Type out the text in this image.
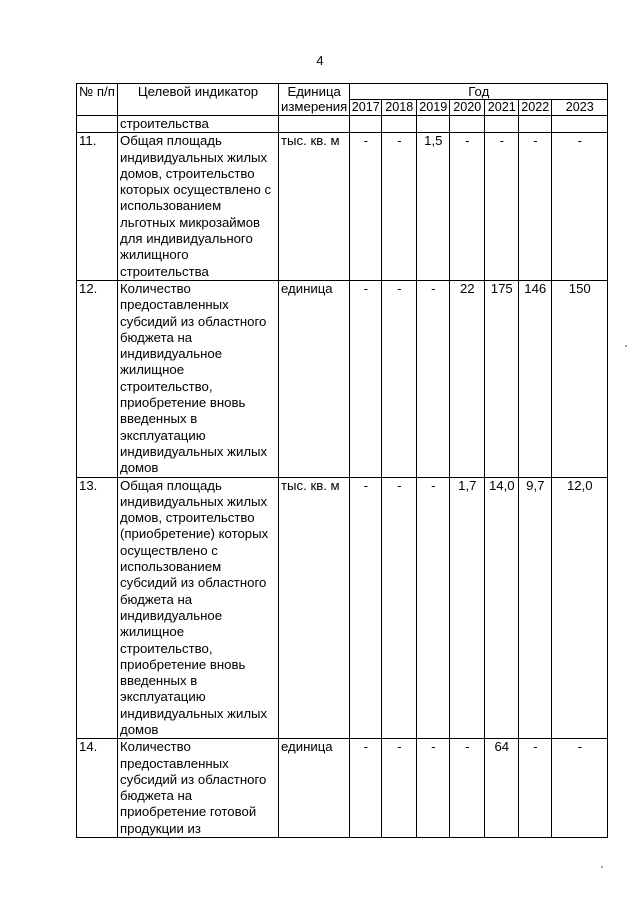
4
№ п/п	Целевой индикатор	Единица измерения	Год						
			2017	2018	2019	2020	2021	2022	2023
	строительства								
11.	Общая площадь индивидуальных жилых домов, строительство которых осуществлено с использованием льготных микрозаймов для индивидуального жилищного строительства	тыс. кв. м	-	-	1,5	-	-	-	-
12.	Количество предоставленных субсидий из областного бюджета на индивидуальное жилищное строительство, приобретение вновь введенных в эксплуатацию индивидуальных жилых домов	единица	-	-	-	22	175	146	150
13.	Общая площадь индивидуальных жилых домов, строительство (приобретение) которых осуществлено с использованием субсидий из областного бюджета на индивидуальное жилищное строительство, приобретение вновь введенных в эксплуатацию индивидуальных жилых домов	тыс. кв. м	-	-	-	1,7	14,0	9,7	12,0
14.	Количество предоставленных субсидий из областного бюджета на приобретение готовой продукции из	единица	-	-	-	-	64	-	-
